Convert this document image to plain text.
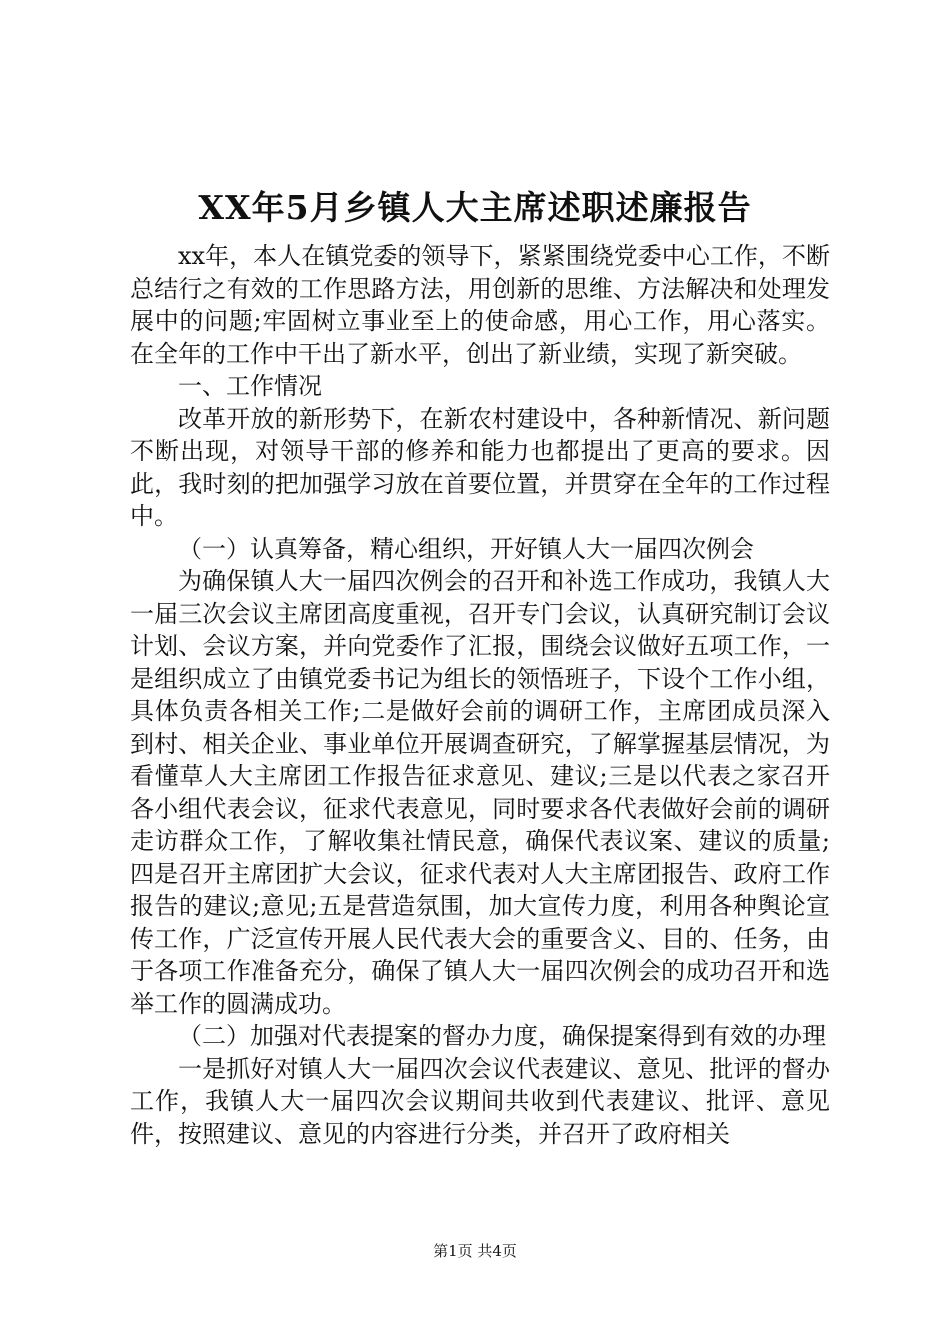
XX年5月乡镇人大主席述职述廉报告

xx年，本人在镇党委的领导下，紧紧围绕党委中心工作，不断总结行之有效的工作思路方法，用创新的思维、方法解决和处理发展中的问题;牢固树立事业至上的使命感，用心工作，用心落实。在全年的工作中干出了新水平，创出了新业绩，实现了新突破。

一、工作情况

改革开放的新形势下，在新农村建设中，各种新情况、新问题不断出现，对领导干部的修养和能力也都提出了更高的要求。因此，我时刻的把加强学习放在首要位置，并贯穿在全年的工作过程中。

（一）认真筹备，精心组织，开好镇人大一届四次例会

为确保镇人大一届四次例会的召开和补选工作成功，我镇人大一届三次会议主席团高度重视，召开专门会议，认真研究制订会议计划、会议方案，并向党委作了汇报，围绕会议做好五项工作，一是组织成立了由镇党委书记为组长的领悟班子，下设个工作小组，具体负责各相关工作;二是做好会前的调研工作，主席团成员深入到村、相关企业、事业单位开展调查研究，了解掌握基层情况，为看懂草人大主席团工作报告征求意见、建议;三是以代表之家召开各小组代表会议，征求代表意见，同时要求各代表做好会前的调研走访群众工作，了解收集社情民意，确保代表议案、建议的质量;四是召开主席团扩大会议，征求代表对人大主席团报告、政府工作报告的建议;意见;五是营造氛围，加大宣传力度，利用各种舆论宣传工作，广泛宣传开展人民代表大会的重要含义、目的、任务，由于各项工作准备充分，确保了镇人大一届四次例会的成功召开和选举工作的圆满成功。

（二）加强对代表提案的督办力度，确保提案得到有效的办理

一是抓好对镇人大一届四次会议代表建议、意见、批评的督办工作，我镇人大一届四次会议期间共收到代表建议、批评、意见件，按照建议、意见的内容进行分类，并召开了政府相关

第1页 共4页
